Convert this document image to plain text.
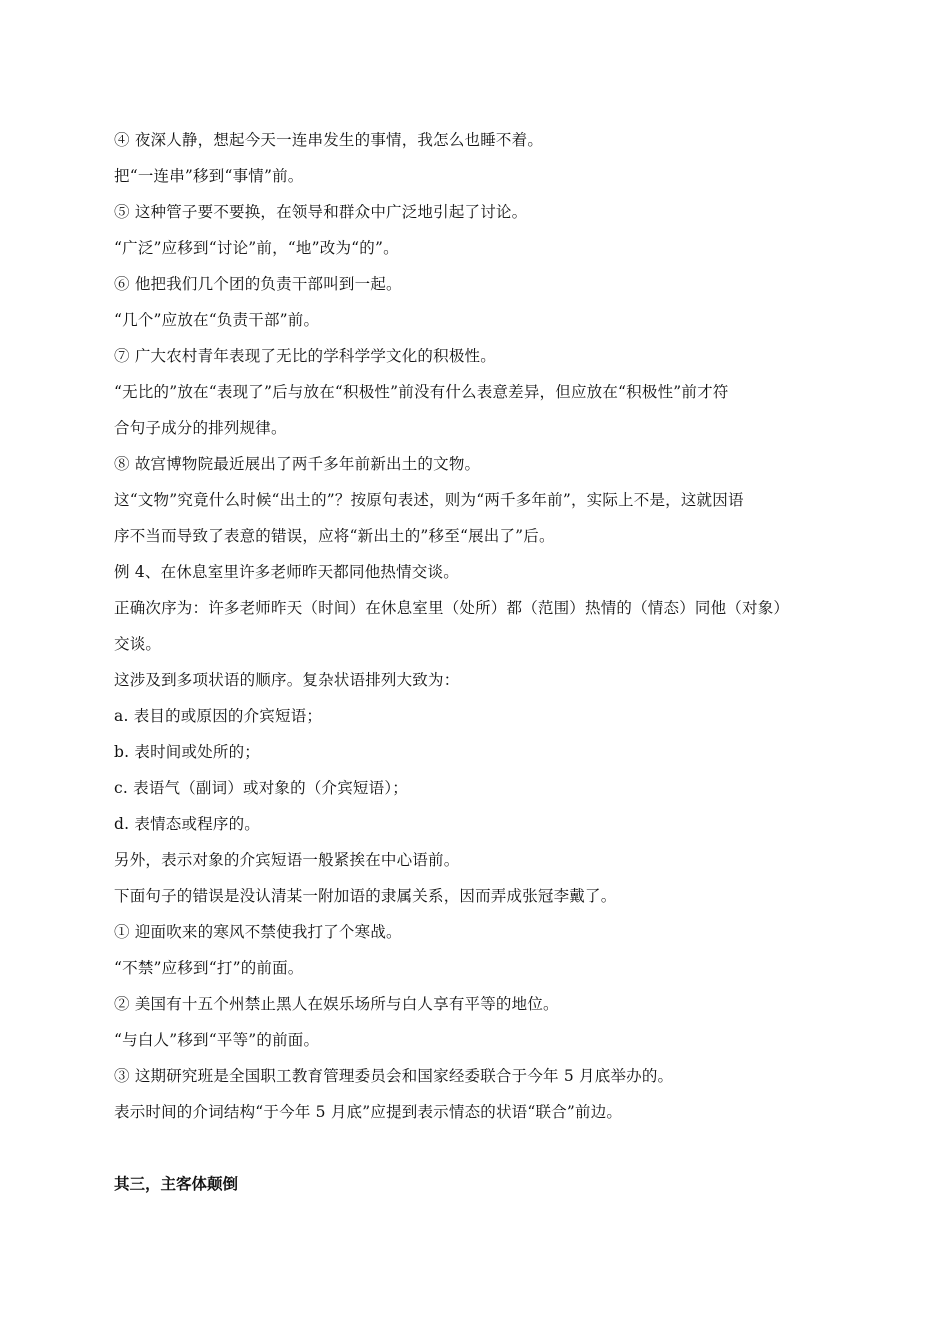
④ 夜深人静，想起今天一连串发生的事情，我怎么也睡不着。
把“一连串”移到“事情”前。
⑤ 这种管子要不要换，在领导和群众中广泛地引起了讨论。
“广泛”应移到“讨论”前，“地”改为“的”。
⑥ 他把我们几个团的负责干部叫到一起。
“几个”应放在“负责干部”前。
⑦ 广大农村青年表现了无比的学科学学文化的积极性。
“无比的”放在“表现了”后与放在“积极性”前没有什么表意差异，但应放在“积极性”前才符
合句子成分的排列规律。
⑧ 故宫博物院最近展出了两千多年前新出土的文物。
这“文物”究竟什么时候“出土的”？按原句表述，则为“两千多年前”，实际上不是，这就因语
序不当而导致了表意的错误，应将“新出土的”移至“展出了”后。
例 4、在休息室里许多老师昨天都同他热情交谈。
正确次序为：许多老师昨天（时间）在休息室里（处所）都（范围）热情的（情态）同他（对象）
交谈。
这涉及到多项状语的顺序。复杂状语排列大致为：
a. 表目的或原因的介宾短语；
b. 表时间或处所的；
c. 表语气（副词）或对象的（介宾短语）；
d. 表情态或程序的。
另外，表示对象的介宾短语一般紧挨在中心语前。
下面句子的错误是没认清某一附加语的隶属关系，因而弄成张冠李戴了。
① 迎面吹来的寒风不禁使我打了个寒战。
“不禁”应移到“打”的前面。
② 美国有十五个州禁止黑人在娱乐场所与白人享有平等的地位。
“与白人”移到“平等”的前面。
③ 这期研究班是全国职工教育管理委员会和国家经委联合于今年 5 月底举办的。
表示时间的介词结构“于今年 5 月底”应提到表示情态的状语“联合”前边。
其三，主客体颠倒
